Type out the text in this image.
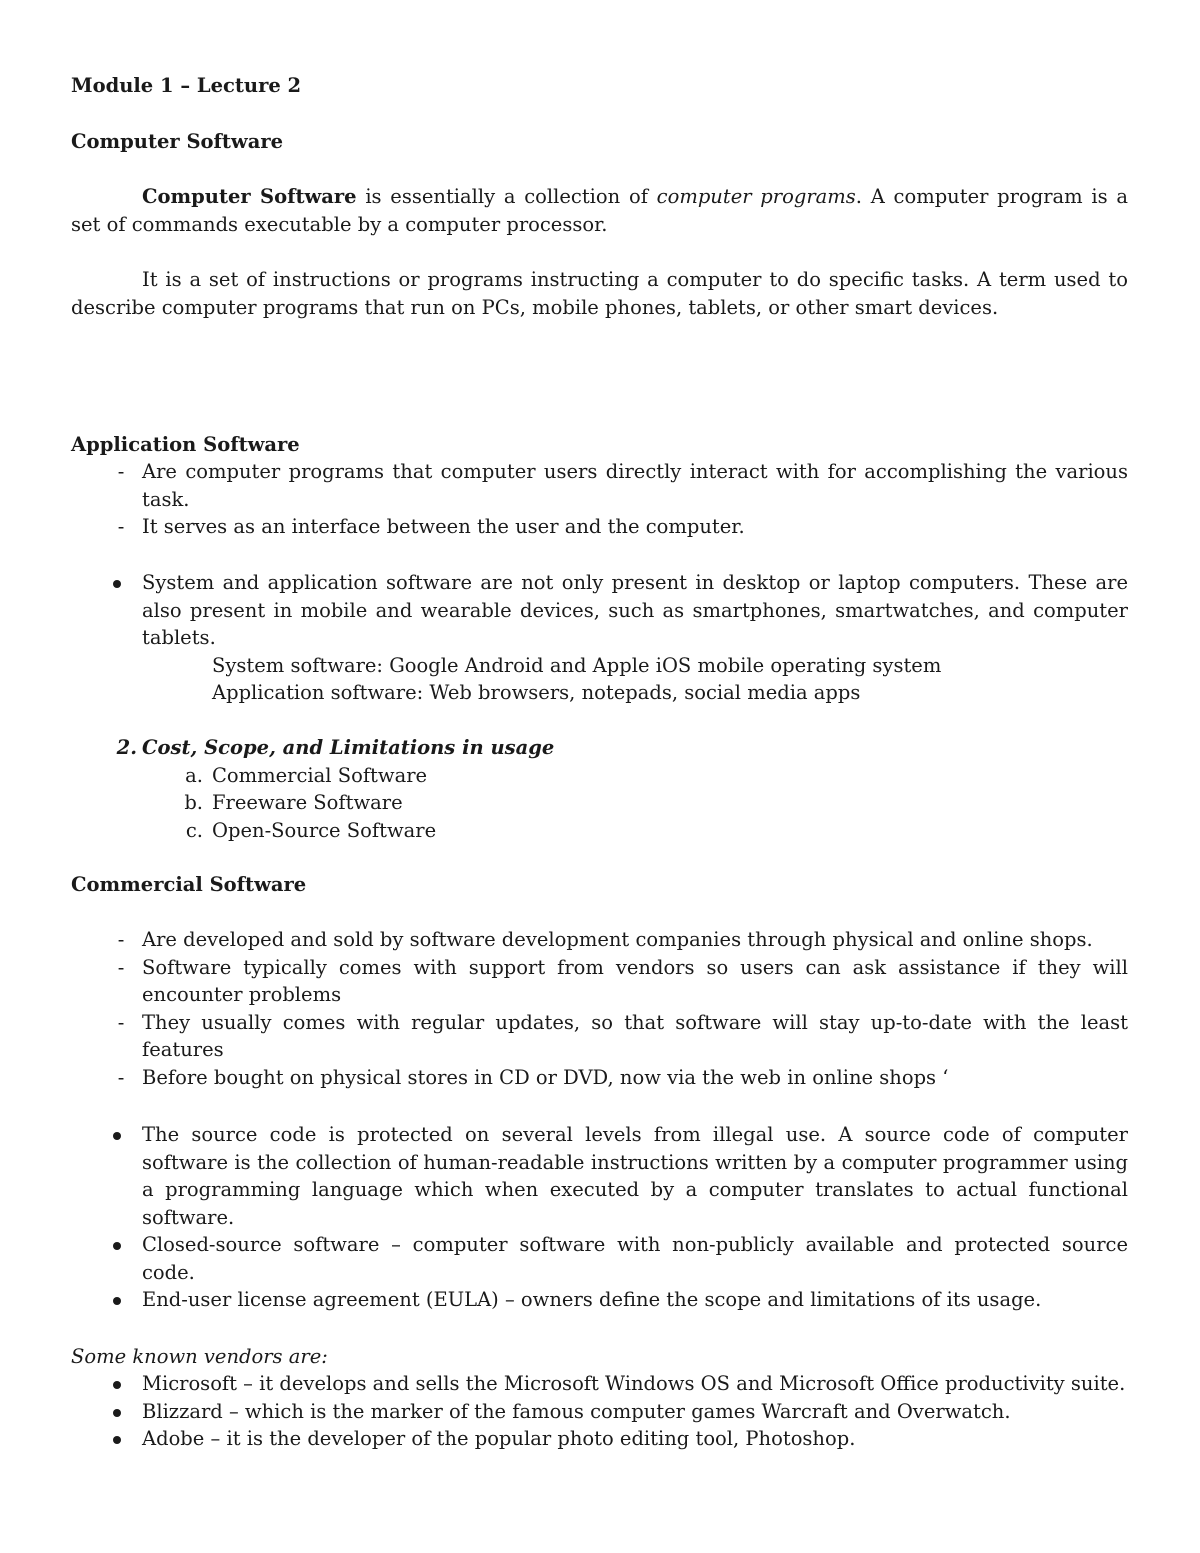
Module 1 – Lecture 2

Computer Software

Computer Software is essentially a collection of computer programs. A computer program is a set of commands executable by a computer processor.

It is a set of instructions or programs instructing a computer to do specific tasks. A term used to describe computer programs that run on PCs, mobile phones, tablets, or other smart devices.

Application Software

- Are computer programs that computer users directly interact with for accomplishing the various task.
- It serves as an interface between the user and the computer.
System and application software are not only present in desktop or laptop computers. These are also present in mobile and wearable devices, such as smartphones, smartwatches, and computer tablets.
System software: Google Android and Apple iOS mobile operating system
Application software: Web browsers, notepads, social media apps
2. Cost, Scope, and Limitations in usage
a. Commercial Software
b. Freeware Software
c. Open-Source Software

Commercial Software

- Are developed and sold by software development companies through physical and online shops.
- Software typically comes with support from vendors so users can ask assistance if they will encounter problems
- They usually comes with regular updates, so that software will stay up-to-date with the least features
- Before bought on physical stores in CD or DVD, now via the web in online shops ‘
The source code is protected on several levels from illegal use. A source code of computer software is the collection of human-readable instructions written by a computer programmer using a programming language which when executed by a computer translates to actual functional software.
Closed-source software – computer software with non-publicly available and protected source code.
End-user license agreement (EULA) – owners define the scope and limitations of its usage.

Some known vendors are:

Microsoft – it develops and sells the Microsoft Windows OS and Microsoft Office productivity suite.
Blizzard – which is the marker of the famous computer games Warcraft and Overwatch.
Adobe – it is the developer of the popular photo editing tool, Photoshop.
